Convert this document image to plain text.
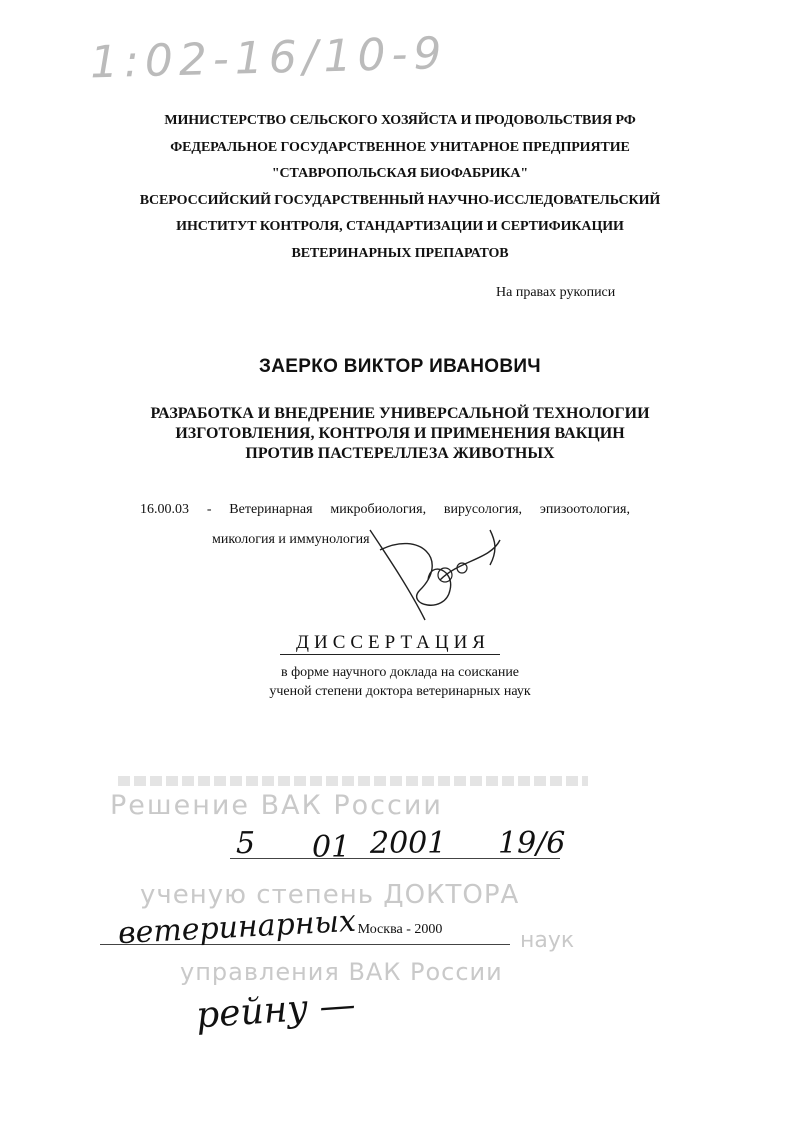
1:02-16/10-9
МИНИСТЕРСТВО СЕЛЬСКОГО ХОЗЯЙСТА И ПРОДОВОЛЬСТВИЯ РФ
ФЕДЕРАЛЬНОЕ ГОСУДАРСТВЕННОЕ УНИТАРНОЕ ПРЕДПРИЯТИЕ
"СТАВРОПОЛЬСКАЯ БИОФАБРИКА"
ВСЕРОССИЙСКИЙ ГОСУДАРСТВЕННЫЙ НАУЧНО-ИССЛЕДОВАТЕЛЬСКИЙ
ИНСТИТУТ КОНТРОЛЯ, СТАНДАРТИЗАЦИИ И СЕРТИФИКАЦИИ
ВЕТЕРИНАРНЫХ ПРЕПАРАТОВ
На правах рукописи
ЗАЕРКО ВИКТОР ИВАНОВИЧ
РАЗРАБОТКА И ВНЕДРЕНИЕ УНИВЕРСАЛЬНОЙ ТЕХНОЛОГИИ
ИЗГОТОВЛЕНИЯ, КОНТРОЛЯ И ПРИМЕНЕНИЯ ВАКЦИН
ПРОТИВ ПАСТЕРЕЛЛЕЗА ЖИВОТНЫХ
16.00.03 - Ветеринарная микробиология, вирусология, эпизоотология,
микология и иммунология
ДИССЕРТАЦИЯ
в форме научного доклада на соискание
ученой степени доктора ветеринарных наук
Решение ВАК России
ученую степень ДОКТОРА
наук
управления ВАК России
5 01 2001 19/6
ветеринарных
рейну —
Москва - 2000
